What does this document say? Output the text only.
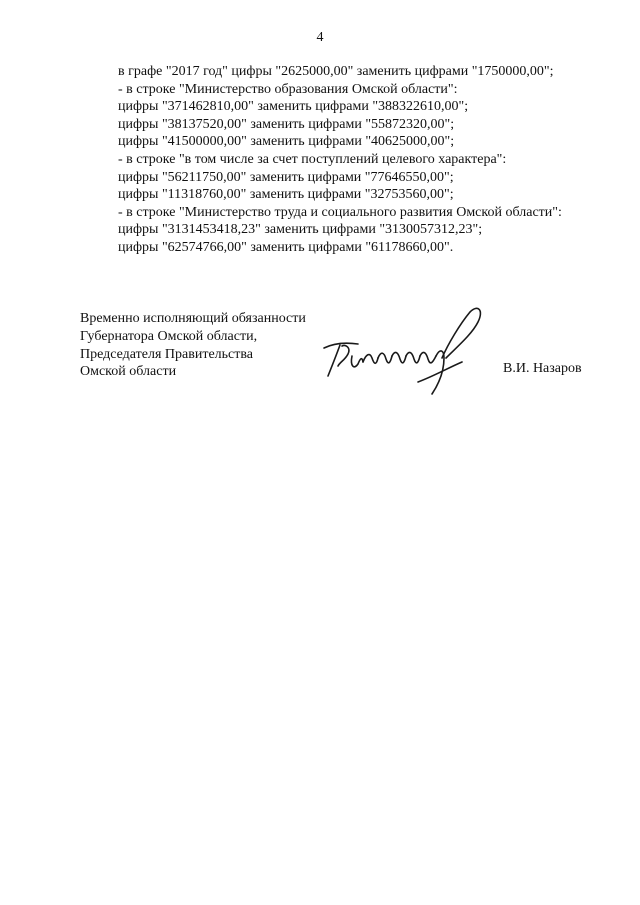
4
в графе "2017 год" цифры "2625000,00" заменить цифрами "1750000,00";
- в строке "Министерство образования Омской области":
цифры "371462810,00" заменить цифрами "388322610,00";
цифры "38137520,00" заменить цифрами "55872320,00";
цифры "41500000,00" заменить цифрами "40625000,00";
- в строке "в том числе за счет поступлений целевого характера":
цифры "56211750,00" заменить цифрами "77646550,00";
цифры "11318760,00" заменить цифрами "32753560,00";
- в строке "Министерство труда и социального развития Омской области":
цифры "3131453418,23" заменить цифрами "3130057312,23";
цифры "62574766,00" заменить цифрами "61178660,00".
Временно исполняющий обязанности
Губернатора Омской области,
Председателя Правительства
Омской области	В.И. Назаров
